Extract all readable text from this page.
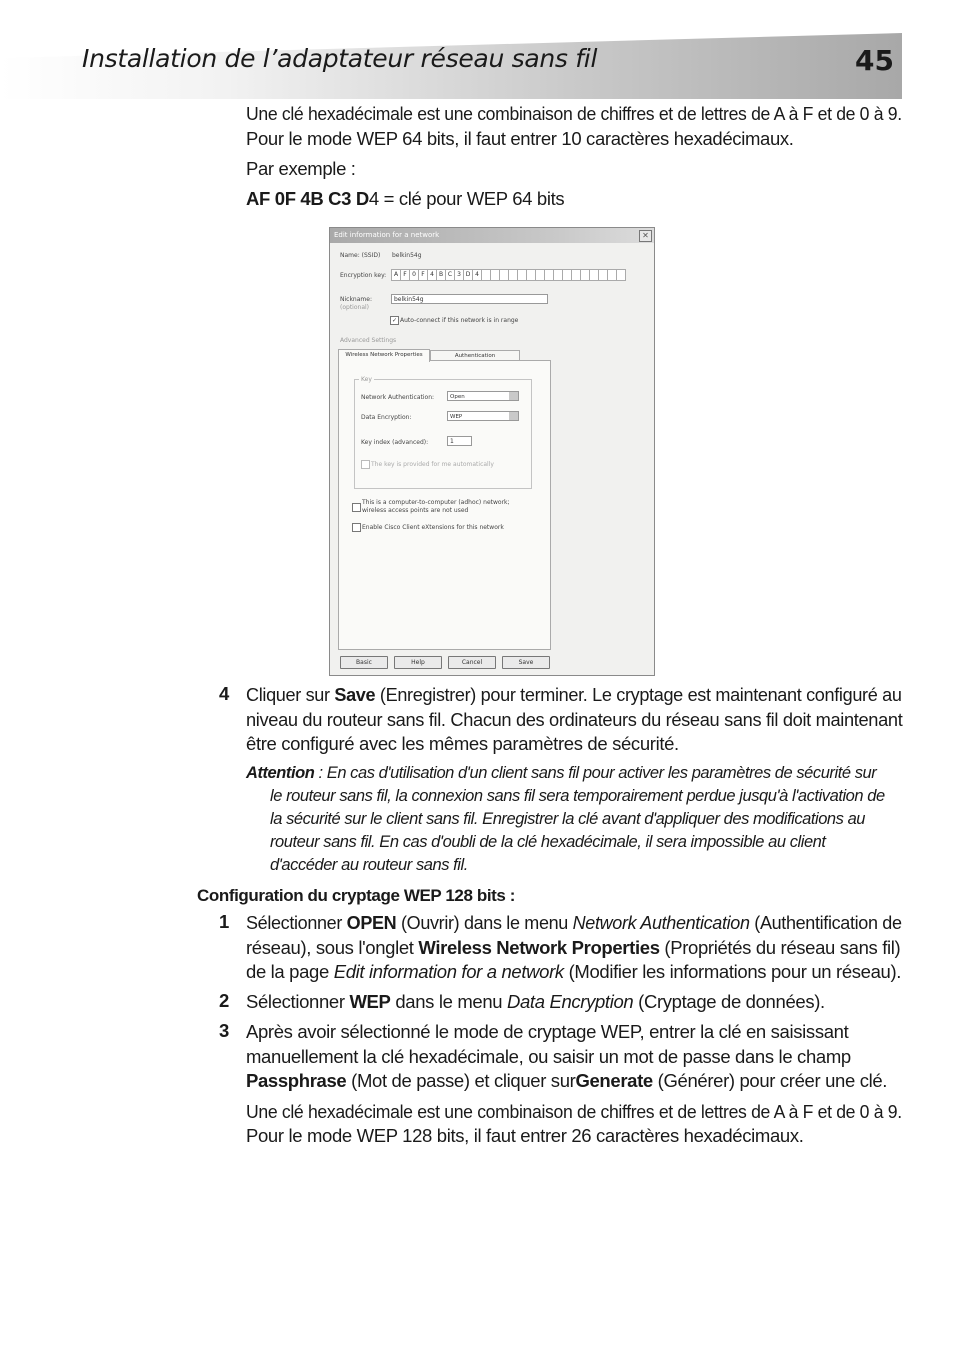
Installation de l’adaptateur réseau sans fil	45

Une clé hexadécimale est une combinaison de chiffres et de lettres de A à F et de 0 à 9.

Pour le mode WEP 64 bits, il faut entrer 10 caractères hexadécimaux.

Par exemple :

AF 0F 4B C3 D4 = clé pour WEP 64 bits

Edit information for a network	✕
Name: (SSID) belkin54g
Encryption key:	A F 0 F 4 B C 3 D 4
Nickname:
(optional)
belkin54g
✓ Auto-connect if this network is in range
Advanced Settings
Wireless Network Properties	Authentication
Key
Network Authentication:	Open
Data Encryption:	WEP
Key index (advanced):	1
The key is provided for me automatically
This is a computer-to-computer (adhoc) network;
wireless access points are not used
Enable Cisco Client eXtensions for this network
Basic	Help	Cancel	Save
4 Cliquer sur Save (Enregistrer) pour terminer. Le cryptage est maintenant configuré au

niveau du routeur sans fil. Chacun des ordinateurs du réseau sans fil doit maintenant

être configuré avec les mêmes paramètres de sécurité.

Attention : En cas d'utilisation d'un client sans fil pour activer les paramètres de sécurité sur le routeur sans fil, la connexion sans fil sera temporairement perdue jusqu'à l'activation de la sécurité sur le client sans fil. Enregistrer la clé avant d'appliquer des modifications au routeur sans fil. En cas d'oubli de la clé hexadécimale, il sera impossible au client d'accéder au routeur sans fil.

Configuration du cryptage WEP 128 bits :
1 Sélectionner OPEN (Ouvrir) dans le menu Network Authentication (Authentification de

réseau), sous l'onglet Wireless Network Properties (Propriétés du réseau sans fil)

de la page Edit information for a network (Modifier les informations pour un réseau).

2 Sélectionner WEP dans le menu Data Encryption (Cryptage de données).

3 Après avoir sélectionné le mode de cryptage WEP, entrer la clé en saisissant

manuellement la clé hexadécimale, ou saisir un mot de passe dans le champ

Passphrase (Mot de passe) et cliquer surGenerate (Générer) pour créer une clé.

Une clé hexadécimale est une combinaison de chiffres et de lettres de A à F et de 0 à 9.

Pour le mode WEP 128 bits, il faut entrer 26 caractères hexadécimaux.
